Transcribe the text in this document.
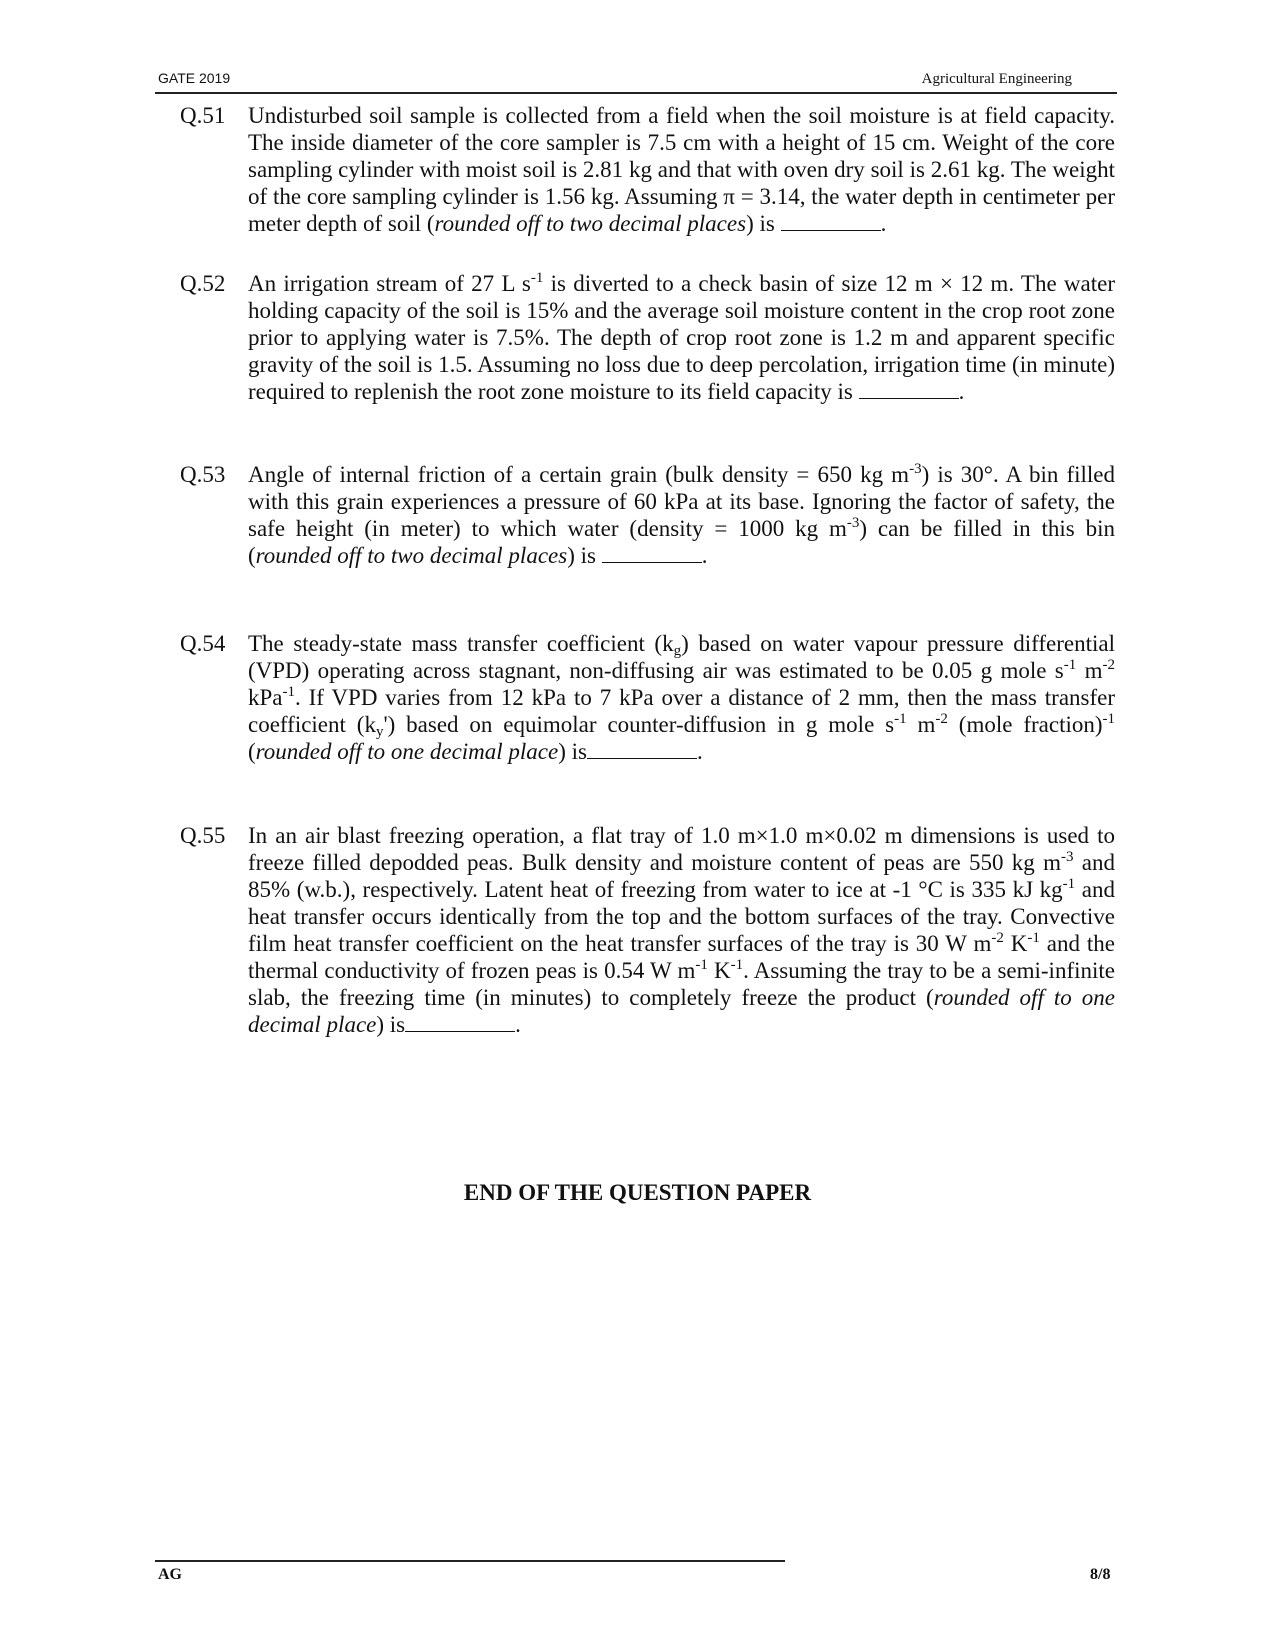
GATE 2019	Agricultural Engineering
Q.51 Undisturbed soil sample is collected from a field when the soil moisture is at field capacity. The inside diameter of the core sampler is 7.5 cm with a height of 15 cm. Weight of the core sampling cylinder with moist soil is 2.81 kg and that with oven dry soil is 2.61 kg. The weight of the core sampling cylinder is 1.56 kg. Assuming π = 3.14, the water depth in centimeter per meter depth of soil (rounded off to two decimal places) is	.
Q.52 An irrigation stream of 27 L $s^{-1}$ is diverted to a check basin of size 12 m × 12 m. The water holding capacity of the soil is 15% and the average soil moisture content in the crop root zone prior to applying water is 7.5%. The depth of crop root zone is 1.2 m and apparent specific gravity of the soil is 1.5. Assuming no loss due to deep percolation, irrigation time (in minute) required to replenish the root zone moisture to its field capacity is	.
Q.53 Angle of internal friction of a certain grain (bulk density = 650 kg $m^{-3}$) is 30°. A bin filled with this grain experiences a pressure of 60 kPa at its base. Ignoring the factor of safety, the safe height (in meter) to which water (density = 1000 kg $m^{-3}$) can be filled in this bin (rounded off to two decimal places) is	.
Q.54 The steady-state mass transfer coefficient $(k_g)$ based on water vapour pressure differential (VPD) operating across stagnant, non-diffusing air was estimated to be 0.05 g mole $s^{-1}$ $m^{-2}$ kPa$^{-1}$. If VPD varies from 12 kPa to 7 kPa over a distance of 2 mm, then the mass transfer coefficient $(k_y')$ based on equimolar counter-diffusion in g mole $s^{-1}$ $m^{-2}$ (mole fraction)$^{-1}$ (rounded off to one decimal place) is	.
Q.55 In an air blast freezing operation, a flat tray of 1.0 m×1.0 m×0.02 m dimensions is used to freeze filled depodded peas. Bulk density and moisture content of peas are 550 kg $m^{-3}$ and 85% (w.b.), respectively. Latent heat of freezing from water to ice at -1 °C is 335 kJ $kg^{-1}$ and heat transfer occurs identically from the top and the bottom surfaces of the tray. Convective film heat transfer coefficient on the heat transfer surfaces of the tray is 30 W $m^{-2}$ $K^{-1}$ and the thermal conductivity of frozen peas is 0.54 W $m^{-1}$ $K^{-1}$. Assuming the tray to be a semi-infinite slab, the freezing time (in minutes) to completely freeze the product (rounded off to one decimal place) is	.
END OF THE QUESTION PAPER
AG	8/8
